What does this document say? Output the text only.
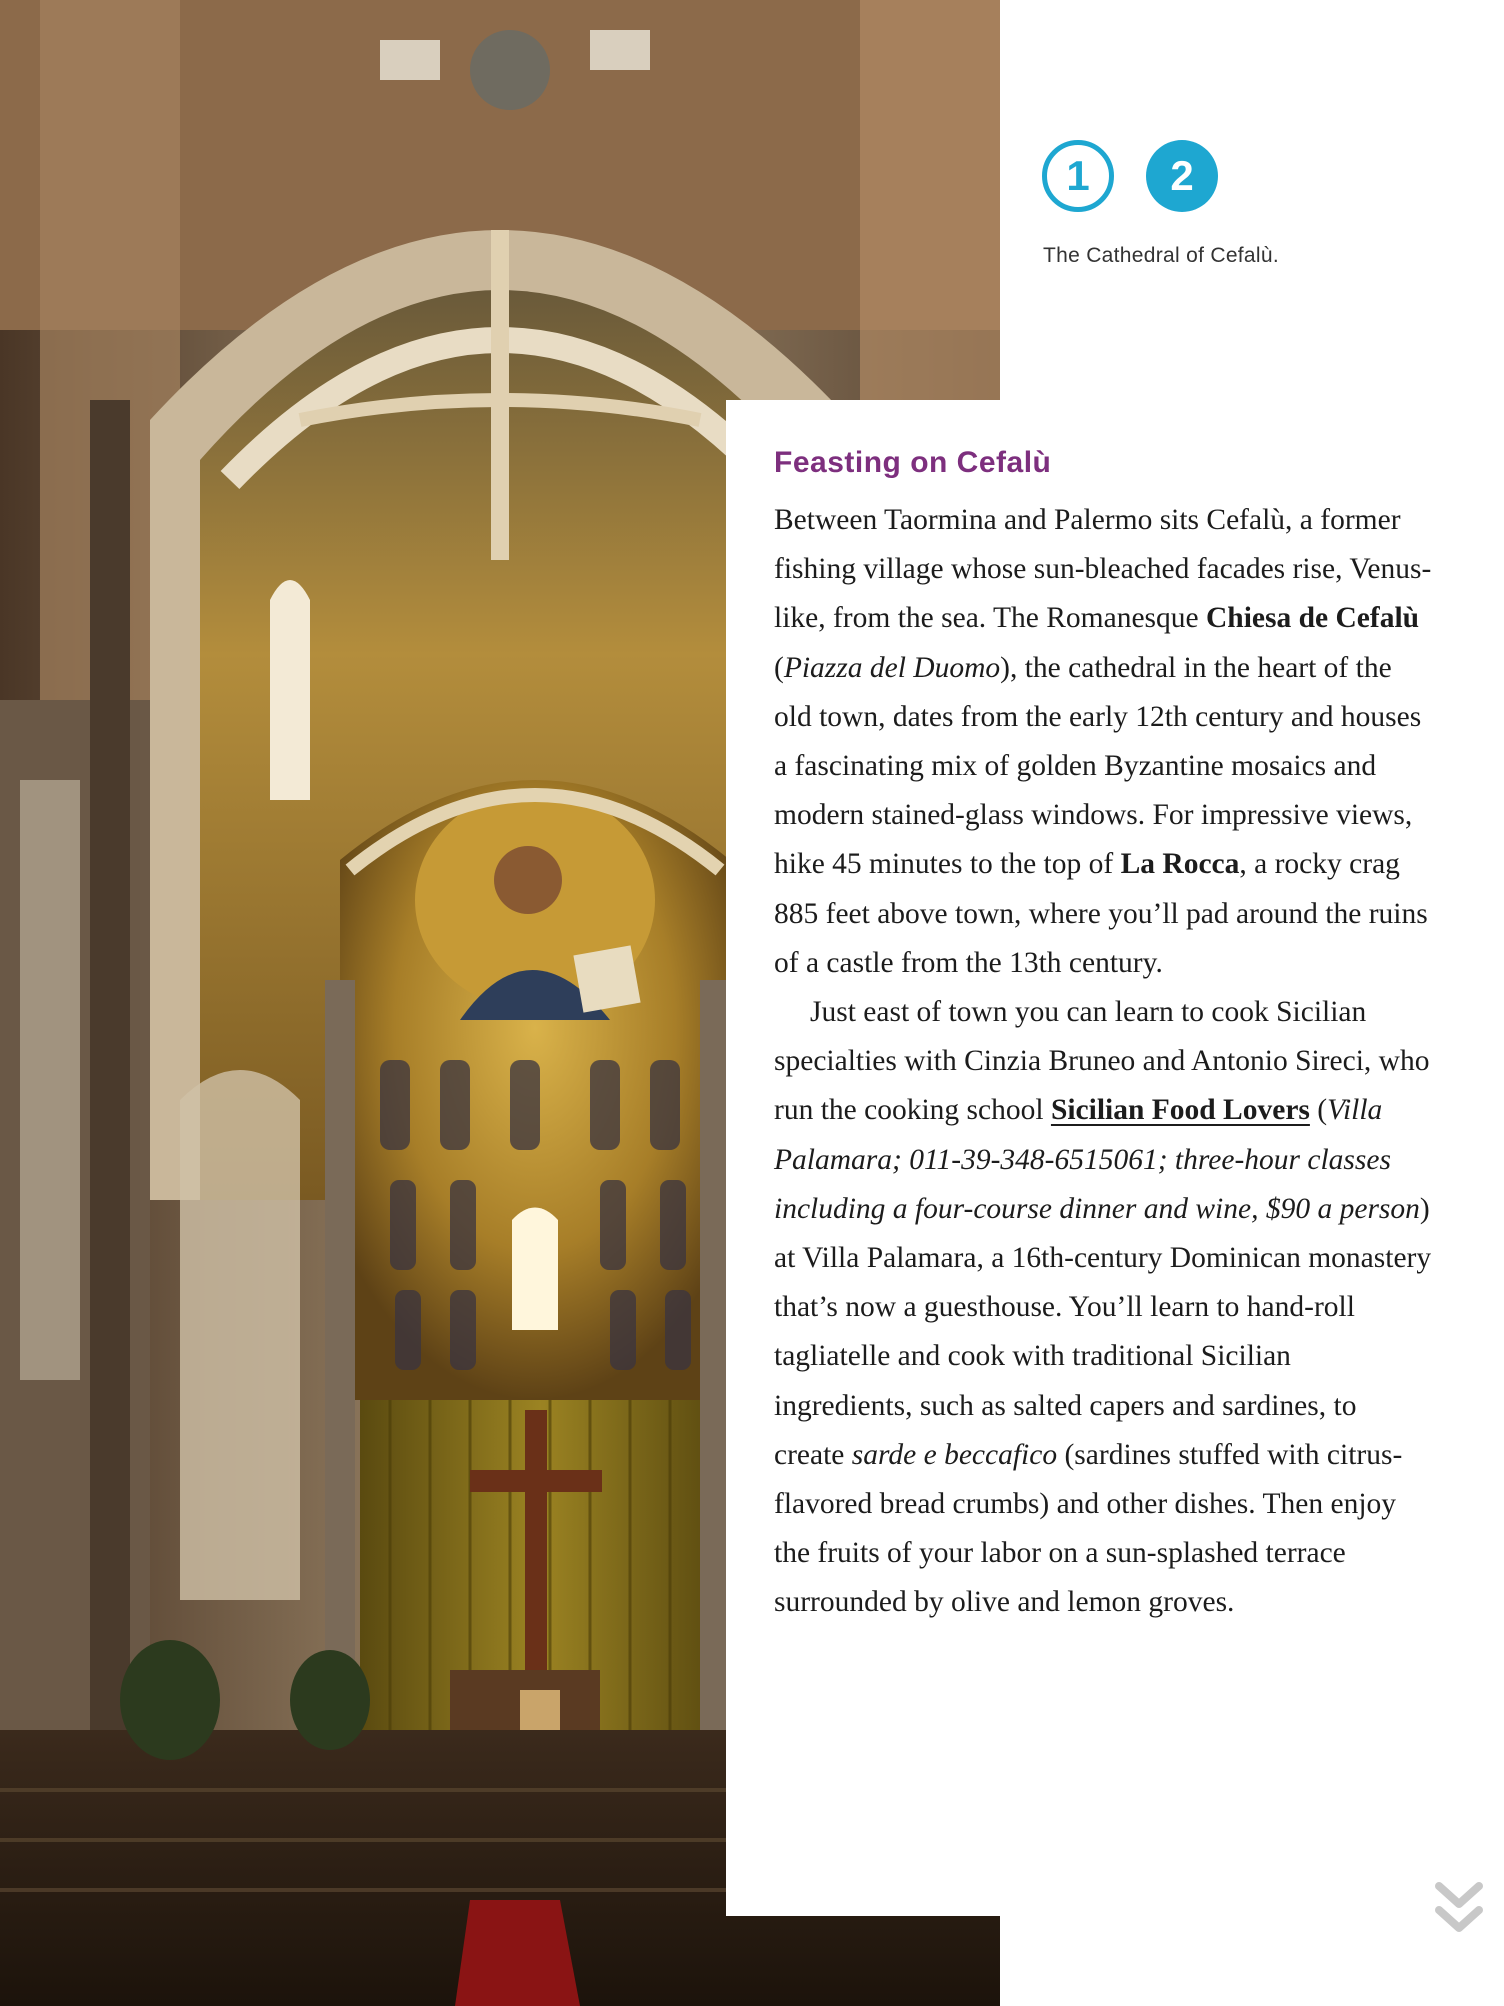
1	2
The Cathedral of Cefalù.
Feasting on Cefalù

Between Taormina and Palermo sits Cefalù, a former fishing village whose sun-bleached facades rise, Venus-like, from the sea. The Romanesque Chiesa de Cefalù (Piazza del Duomo), the cathedral in the heart of the old town, dates from the early 12th century and houses a fascinating mix of golden Byzantine mosaics and modern stained-glass windows. For impressive views, hike 45 minutes to the top of La Rocca, a rocky crag 885 feet above town, where you’ll pad around the ruins of a castle from the 13th century.

Just east of town you can learn to cook Sicilian specialties with Cinzia Bruneo and Antonio Sireci, who run the cooking school Sicilian Food Lovers (Villa Palamara; 011-39-348-6515061; three-hour classes including a four-course dinner and wine, $90 a person) at Villa Palamara, a 16th-century Dominican monastery that’s now a guesthouse. You’ll learn to hand-roll tagliatelle and cook with traditional Sicilian ingredients, such as salted capers and sardines, to create sarde e beccafico (sardines stuffed with citrus-flavored bread crumbs) and other dishes. Then enjoy the fruits of your labor on a sun-splashed terrace surrounded by olive and lemon groves.
